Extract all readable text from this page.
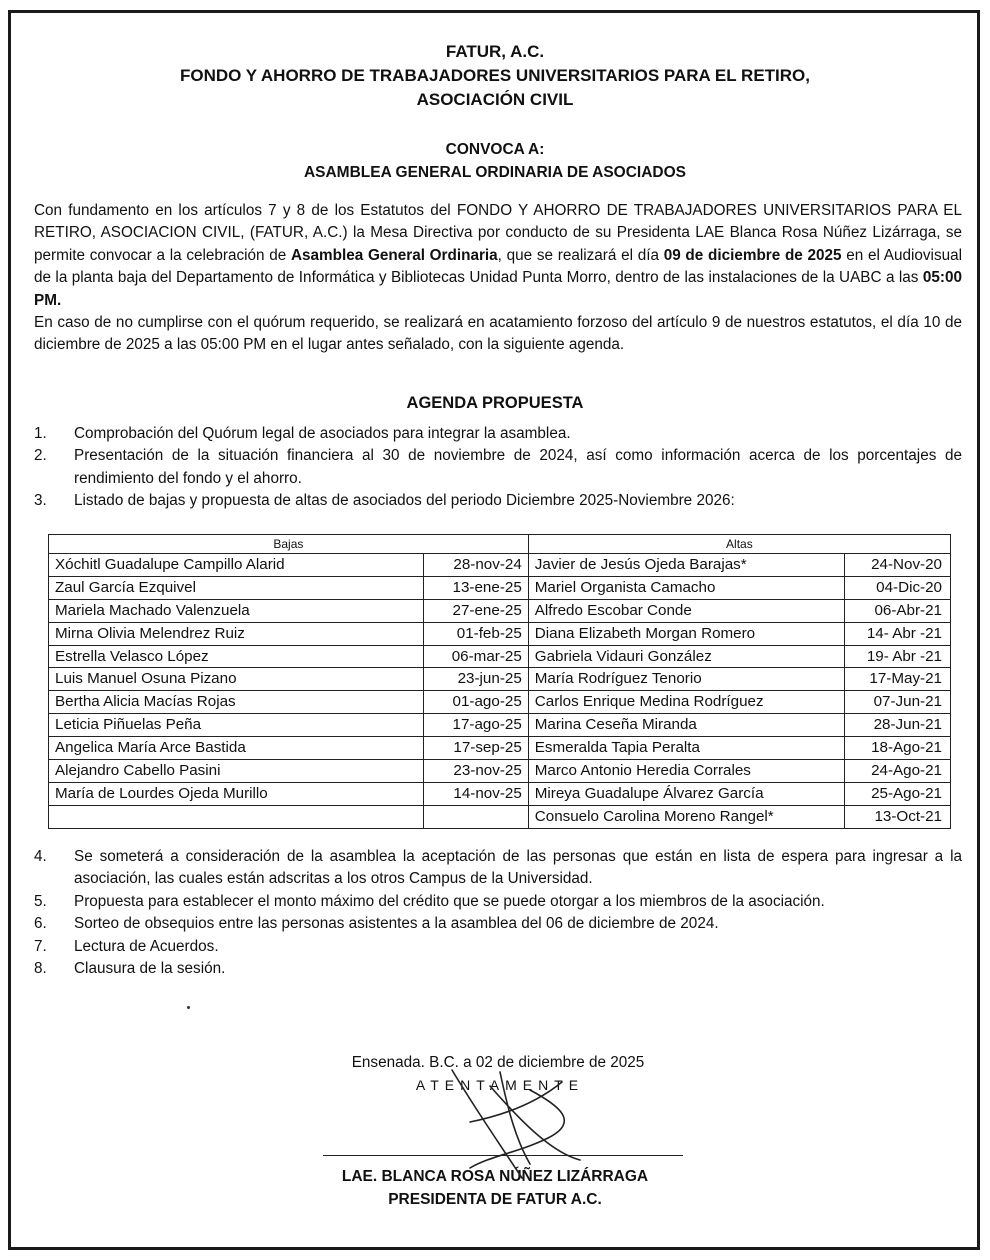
FATUR, A.C.
FONDO Y AHORRO DE TRABAJADORES UNIVERSITARIOS PARA EL RETIRO,
ASOCIACIÓN CIVIL
CONVOCA A:
ASAMBLEA GENERAL ORDINARIA DE ASOCIADOS

Con fundamento en los artículos 7 y 8 de los Estatutos del FONDO Y AHORRO DE TRABAJADORES UNIVERSITARIOS PARA EL RETIRO, ASOCIACION CIVIL, (FATUR, A.C.) la Mesa Directiva por conducto de su Presidenta LAE Blanca Rosa Núñez Lizárraga, se permite convocar a la celebración de Asamblea General Ordinaria, que se realizará el día 09 de diciembre de 2025 en el Audiovisual de la planta baja del Departamento de Informática y Bibliotecas Unidad Punta Morro, dentro de las instalaciones de la UABC a las 05:00 PM.

En caso de no cumplirse con el quórum requerido, se realizará en acatamiento forzoso del artículo 9 de nuestros estatutos, el día 10 de diciembre de 2025 a las 05:00 PM en el lugar antes señalado, con la siguiente agenda.

AGENDA PROPUESTA
1. Comprobación del Quórum legal de asociados para integrar la asamblea.
2. Presentación de la situación financiera al 30 de noviembre de 2024, así como información acerca de los porcentajes de rendimiento del fondo y el ahorro.
3. Listado de bajas y propuesta de altas de asociados del periodo Diciembre 2025-Noviembre 2026:
Bajas		Altas	
Xóchitl Guadalupe Campillo Alarid	28-nov-24	Javier de Jesús Ojeda Barajas*	24-Nov-20
Zaul García Ezquivel	13-ene-25	Mariel Organista Camacho	04-Dic-20
Mariela Machado Valenzuela	27-ene-25	Alfredo Escobar Conde	06-Abr-21
Mirna Olivia Melendrez Ruiz	01-feb-25	Diana Elizabeth Morgan Romero	14- Abr -21
Estrella Velasco López	06-mar-25	Gabriela Vidauri González	19- Abr -21
Luis Manuel Osuna Pizano	23-jun-25	María Rodríguez Tenorio	17-May-21
Bertha Alicia Macías Rojas	01-ago-25	Carlos Enrique Medina Rodríguez	07-Jun-21
Leticia Piñuelas Peña	17-ago-25	Marina Ceseña Miranda	28-Jun-21
Angelica María Arce Bastida	17-sep-25	Esmeralda Tapia Peralta	18-Ago-21
Alejandro Cabello Pasini	23-nov-25	Marco Antonio Heredia Corrales	24-Ago-21
María de Lourdes Ojeda Murillo	14-nov-25	Mireya Guadalupe Álvarez García	25-Ago-21
		Consuelo Carolina Moreno Rangel*	13-Oct-21
4. Se someterá a consideración de la asamblea la aceptación de las personas que están en lista de espera para ingresar a la asociación, las cuales están adscritas a los otros Campus de la Universidad.
5. Propuesta para establecer el monto máximo del crédito que se puede otorgar a los miembros de la asociación.
6. Sorteo de obsequios entre las personas asistentes a la asamblea del 06 de diciembre de 2024.
7. Lectura de Acuerdos.
8. Clausura de la sesión.
Ensenada. B.C. a 02 de diciembre de 2025
ATENTAMENTE
LAE. BLANCA ROSA NÚÑEZ LIZÁRRAGA
PRESIDENTA DE FATUR A.C.
